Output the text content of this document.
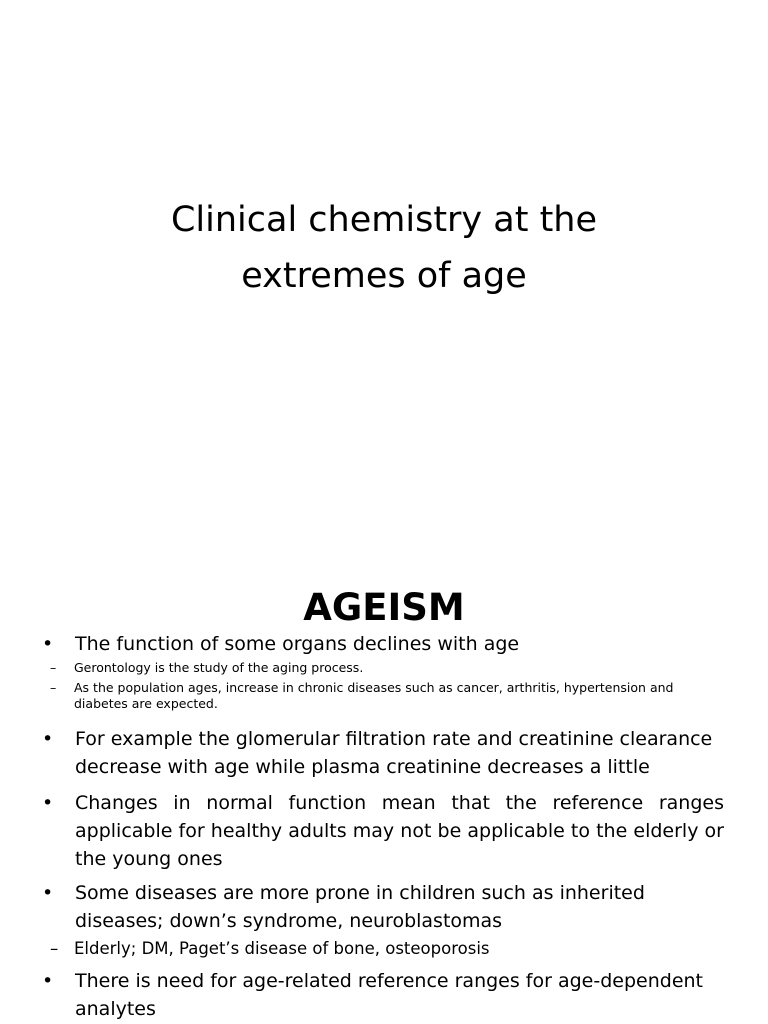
Clinical chemistry at the
extremes of age
AGEISM
• The function of some organs declines with age
– Gerontology is the study of the aging process.
– As the population ages, increase in chronic diseases such as cancer, arthritis, hypertension and diabetes are expected.
• For example the glomerular filtration rate and creatinine clearance decrease with age while plasma creatinine decreases a little
• Changes in normal function mean that the reference ranges applicable for healthy adults may not be applicable to the elderly or the young ones
• Some diseases are more prone in children such as inherited diseases; down’s syndrome, neuroblastomas
– Elderly; DM, Paget’s disease of bone, osteoporosis
• There is need for age-related reference ranges for age-dependent analytes
